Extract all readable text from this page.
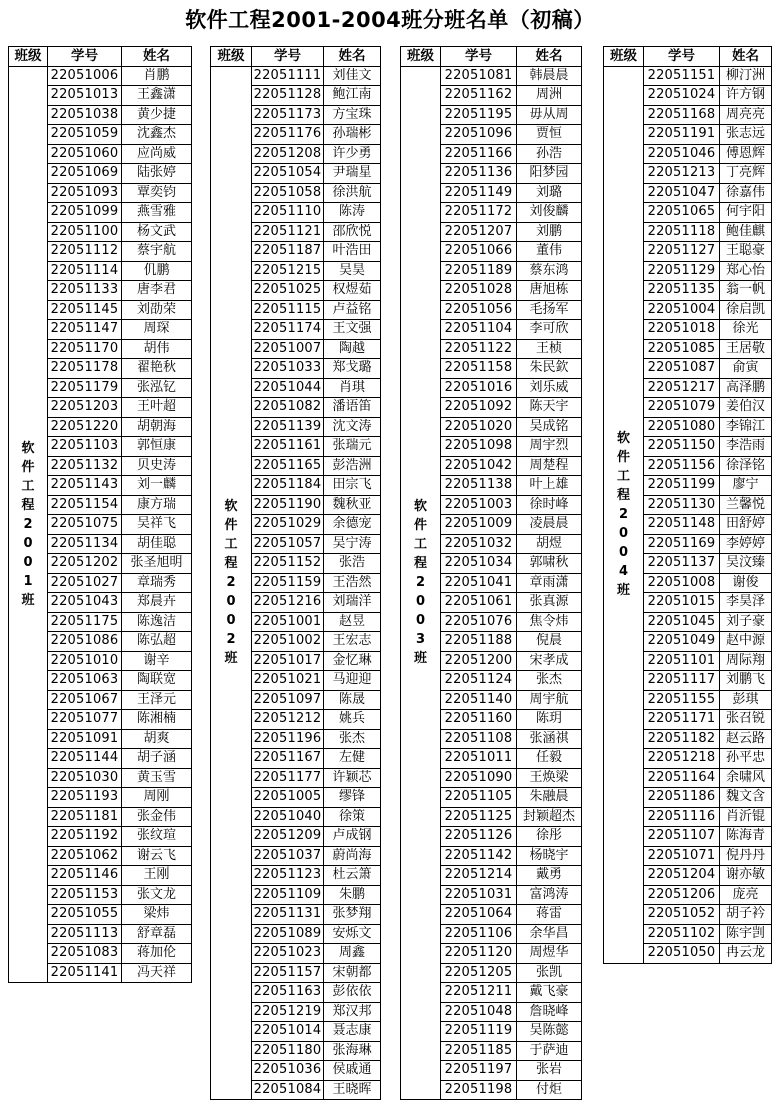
软件工程2001-2004班分班名单（初稿）
班级	学号	姓名

软件工程2001班	22051006	肖鹏
	22051013	王鑫潇
	22051038	黄少捷
	22051059	沈鑫杰
	22051060	应尚威
	22051069	陆张婷
	22051093	覃奕钧
	22051099	燕雪雅
	22051100	杨文武
	22051112	蔡宇航
	22051114	仉鹏
	22051133	唐李君
	22051145	刘劭荣
	22051147	周琛
	22051170	胡伟
	22051178	翟艳秋
	22051179	张泓钇
	22051203	王叶超
	22051220	胡朝海
	22051103	郭恒康
	22051132	贝史涛
	22051143	刘一麟
	22051154	康方瑞
	22051075	吴祥飞
	22051134	胡佳聪
	22051202	张圣旭明
	22051027	章瑞秀
	22051043	郑晨卉
	22051175	陈逸洁
	22051086	陈弘超
	22051010	谢辛
	22051063	陶联宽
	22051067	王泽元
	22051077	陈湘楠
	22051091	胡爽
	22051144	胡子涵
	22051030	黄玉雪
	22051193	周刚
	22051181	张金伟
	22051192	张纹瑄
	22051062	谢云飞
	22051146	王刚
	22051153	张文龙
	22051055	梁炜
	22051113	舒章磊
	22051083	蒋加伦
	22051141	冯天祥
班级	学号	姓名

软件工程2002班	22051111	刘佳文
	22051128	鲍江南
	22051173	方宝珠
	22051176	孙瑞彬
	22051208	许少勇
	22051054	尹瑞星
	22051058	徐洪航
	22051110	陈涛
	22051121	邵欣悦
	22051187	叶浩田
	22051215	吴昊
	22051025	权煜茹
	22051115	卢益铭
	22051174	王文强
	22051007	陶越
	22051033	郑戈璐
	22051044	肖琪
	22051082	潘语笛
	22051139	沈文涛
	22051161	张瑞元
	22051165	彭浩洲
	22051184	田宗飞
	22051190	魏秋亚
	22051029	余德宠
	22051057	吴宁涛
	22051152	张浩
	22051159	王浩然
	22051216	刘瑞洋
	22051001	赵昱
	22051002	王宏志
	22051017	金忆琳
	22051021	马迎迎
	22051097	陈晟
	22051212	姚兵
	22051196	张杰
	22051167	左健
	22051177	许颖芯
	22051005	缪锋
	22051040	徐策
	22051209	卢成钢
	22051037	蔚尚海
	22051123	杜云箫
	22051109	朱鹏
	22051131	张梦翔
	22051089	安烁文
	22051023	周鑫
	22051157	宋朝都
	22051163	彭依依
	22051219	郑汉邦
	22051014	聂志康
	22051180	张海琳
	22051036	侯戚通
	22051084	王晓晖
班级	学号	姓名

软件工程2003班	22051081	韩晨晨
	22051162	周洲
	22051195	毋从周
	22051096	贾恒
	22051166	孙浩
	22051136	阳梦园
	22051149	刘璐
	22051172	刘俊麟
	22051207	刘鹏
	22051066	董伟
	22051189	蔡东鸿
	22051028	唐旭栋
	22051056	毛扬军
	22051104	李可欣
	22051122	王桢
	22051158	朱民欽
	22051016	刘乐威
	22051092	陈天宇
	22051020	吴成铭
	22051098	周宇烈
	22051042	周楚程
	22051138	叶上雄
	22051003	徐时峰
	22051009	凌晨晨
	22051032	胡煜
	22051034	郭啸秋
	22051041	章雨潇
	22051061	张真源
	22051076	焦令炜
	22051188	倪晨
	22051200	宋孝成
	22051124	张杰
	22051140	周宇航
	22051160	陈玥
	22051108	张涵祺
	22051011	任毅
	22051090	王焕梁
	22051105	朱融晨
	22051125	封颖超杰
	22051126	徐彤
	22051142	杨晓宇
	22051214	戴勇
	22051031	富鸿涛
	22051064	蒋雷
	22051106	余华昌
	22051120	周煜华
	22051205	张凯
	22051211	戴飞豪
	22051048	詹晓峰
	22051119	吴陈懿
	22051185	于萨迪
	22051197	张岩
	22051198	付炬
班级	学号	姓名

软件工程2004班	22051151	柳汀洲
	22051024	许方钢
	22051168	周亮亮
	22051191	张志远
	22051046	傅恩辉
	22051213	丁亮辉
	22051047	徐嘉伟
	22051065	何宇阳
	22051118	鲍佳麒
	22051127	王聪豪
	22051129	郑心怡
	22051135	翁一帆
	22051004	徐启凯
	22051018	徐光
	22051085	王居敬
	22051087	俞寅
	22051217	高泽鹏
	22051079	姜伯汉
	22051080	李锦江
	22051150	李浩雨
	22051156	徐泽铭
	22051199	廖宁
	22051130	兰馨悦
	22051148	田舒婷
	22051169	李婷婷
	22051137	吴汶臻
	22051008	谢俊
	22051015	李昊泽
	22051045	刘子豪
	22051049	赵中源
	22051101	周际翔
	22051117	刘鹏飞
	22051155	彭琪
	22051171	张召锐
	22051182	赵云路
	22051218	孙平忠
	22051164	余啸风
	22051186	魏文含
	22051116	肖沂锟
	22051107	陈海青
	22051071	倪丹丹
	22051204	谢亦敏
	22051206	庞亮
	22051052	胡子衿
	22051102	陈宇剀
	22051050	冉云龙
